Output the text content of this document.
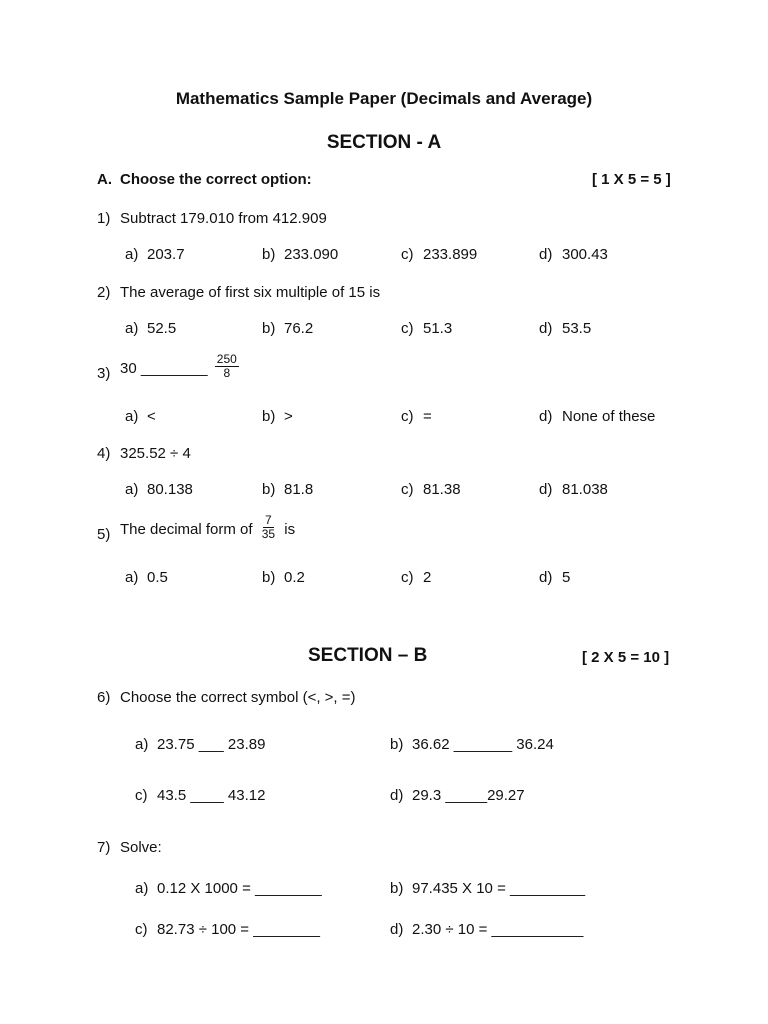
Mathematics Sample Paper (Decimals and Average)
SECTION - A
A. Choose the correct option:	[ 1 X 5 = 5 ]
1) Subtract 179.010 from 412.909
a) 203.7	b) 233.090	c) 233.899	d) 300.43
2) The average of first six multiple of 15 is
a) 52.5	b) 76.2	c) 51.3	d) 53.5
3) 30 ________ $\frac{250}{8}$
a) <	b) >	c) =	d) None of these
4) 325.52 ÷ 4
a) 80.138	b) 81.8	c) 81.38	d) 81.038
5) The decimal form of $\frac{7}{35}$ is
a) 0.5	b) 0.2	c) 2	d) 5
SECTION – B	[ 2 X 5 = 10 ]
6) Choose the correct symbol (<, >, =)
a) 23.75 ___ 23.89	b) 36.62 _______ 36.24
c) 43.5 ____ 43.12	d) 29.3 _____29.27
7) Solve:
a) 0.12 X 1000 = ________	b) 97.435 X 10 = _________
c) 82.73 ÷ 100 = ________	d) 2.30 ÷ 10 = ___________
